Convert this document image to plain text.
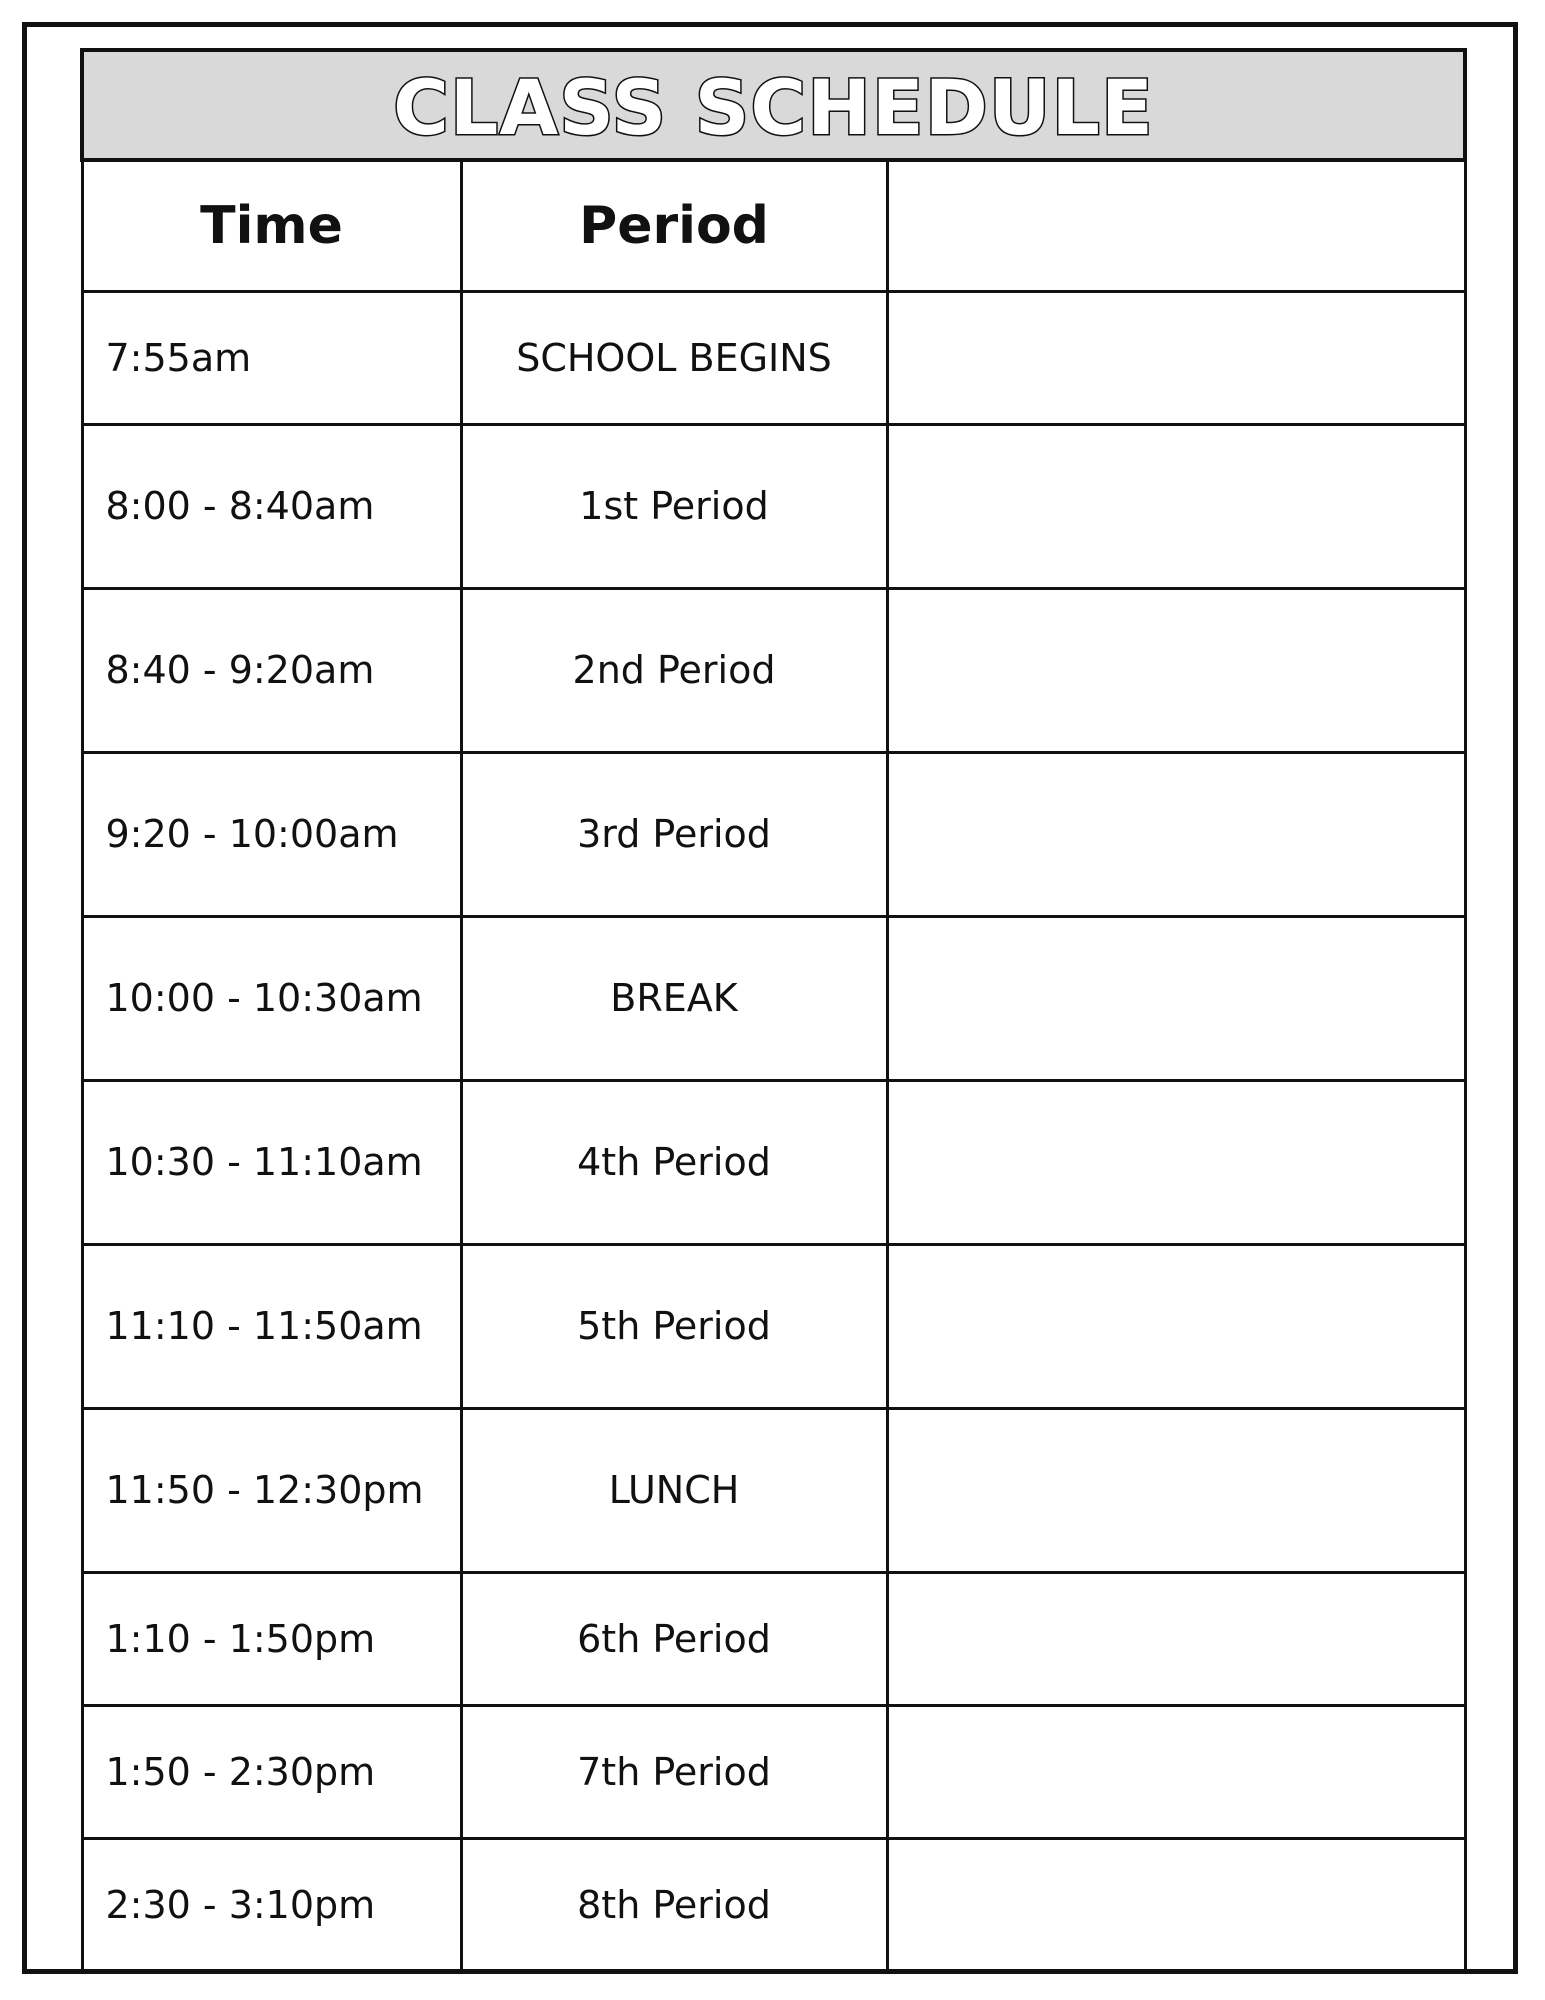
CLASS SCHEDULE		
Time	Period	
7:55am	SCHOOL BEGINS	
8:00 - 8:40am	1st Period	
8:40 - 9:20am	2nd Period	
9:20 - 10:00am	3rd Period	
10:00 - 10:30am	BREAK	
10:30 - 11:10am	4th Period	
11:10 - 11:50am	5th Period	
11:50 - 12:30pm	LUNCH	
1:10 - 1:50pm	6th Period	
1:50 - 2:30pm	7th Period	
2:30 - 3:10pm	8th Period	
